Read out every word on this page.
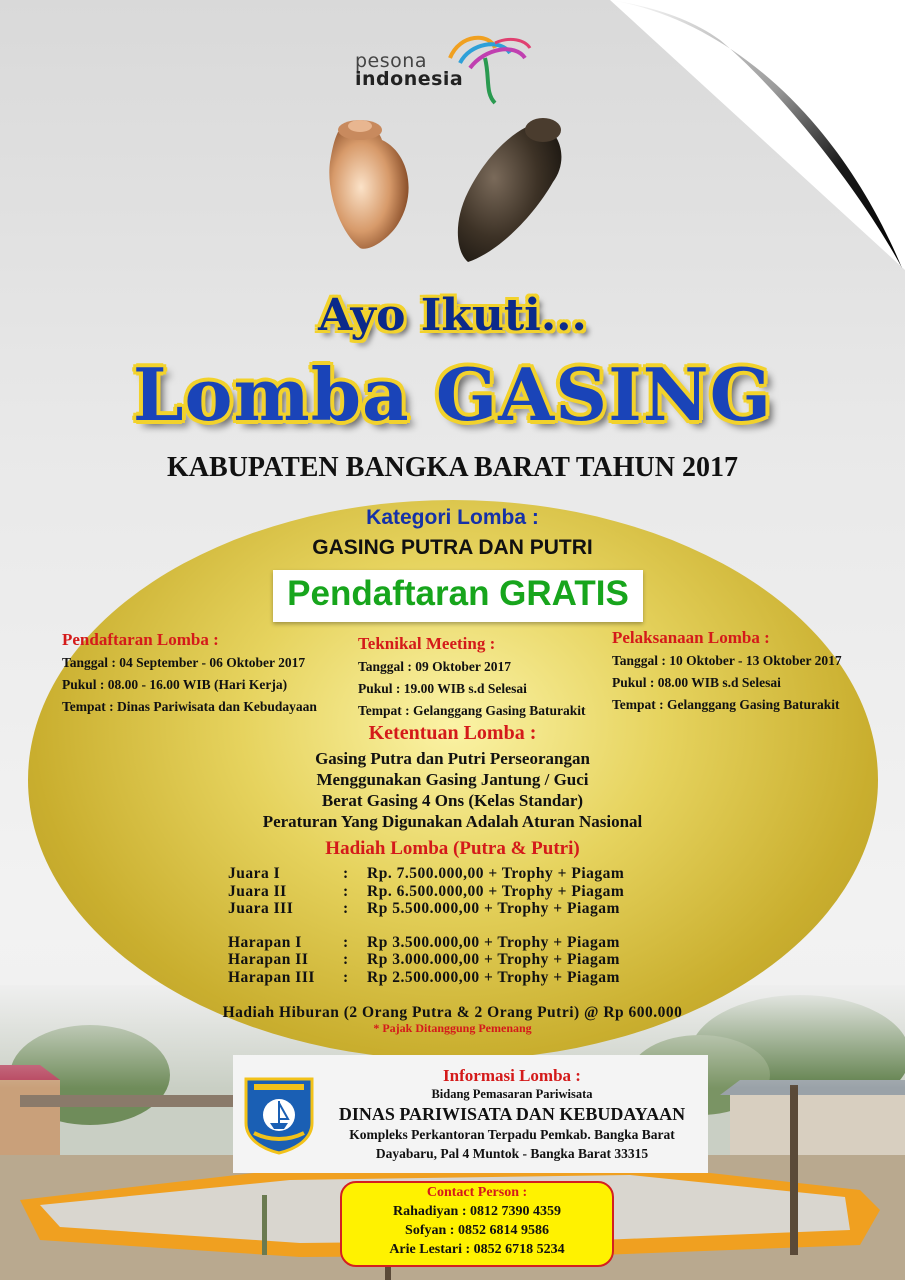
pesona
indonesia
Ayo Ikuti...
Lomba GASING
KABUPATEN BANGKA BARAT TAHUN 2017
Kategori Lomba :
GASING PUTRA DAN PUTRI
Pendaftaran GRATIS
Pendaftaran Lomba :
Tanggal : 04 September - 06 Oktober 2017
Pukul : 08.00 - 16.00 WIB (Hari Kerja)
Tempat : Dinas Pariwisata dan Kebudayaan
Teknikal Meeting :
Tanggal : 09 Oktober 2017
Pukul : 19.00 WIB s.d Selesai
Tempat : Gelanggang Gasing Baturakit
Pelaksanaan Lomba :
Tanggal : 10 Oktober - 13 Oktober 2017
Pukul : 08.00 WIB s.d Selesai
Tempat : Gelanggang Gasing Baturakit
Ketentuan Lomba :
Gasing Putra dan Putri Perseorangan
Menggunakan Gasing Jantung / Guci
Berat Gasing 4 Ons (Kelas Standar)
Peraturan Yang Digunakan Adalah Aturan Nasional
Hadiah Lomba (Putra & Putri)
Juara I	:	Rp. 7.500.000,00 + Trophy + Piagam
Juara II	:	Rp. 6.500.000,00 + Trophy + Piagam
Juara III	:	Rp 5.500.000,00 + Trophy + Piagam
Harapan I	:	Rp 3.500.000,00 + Trophy + Piagam
Harapan II	:	Rp 3.000.000,00 + Trophy + Piagam
Harapan III	:	Rp 2.500.000,00 + Trophy + Piagam
Hadiah Hiburan (2 Orang Putra & 2 Orang Putri) @ Rp 600.000
* Pajak Ditanggung Pemenang
Informasi Lomba :
Bidang Pemasaran Pariwisata
DINAS PARIWISATA DAN KEBUDAYAAN
Kompleks Perkantoran Terpadu Pemkab. Bangka Barat
Dayabaru, Pal 4 Muntok - Bangka Barat 33315
Contact Person :
Rahadiyan : 0812 7390 4359
Sofyan : 0852 6814 9586
Arie Lestari : 0852 6718 5234
